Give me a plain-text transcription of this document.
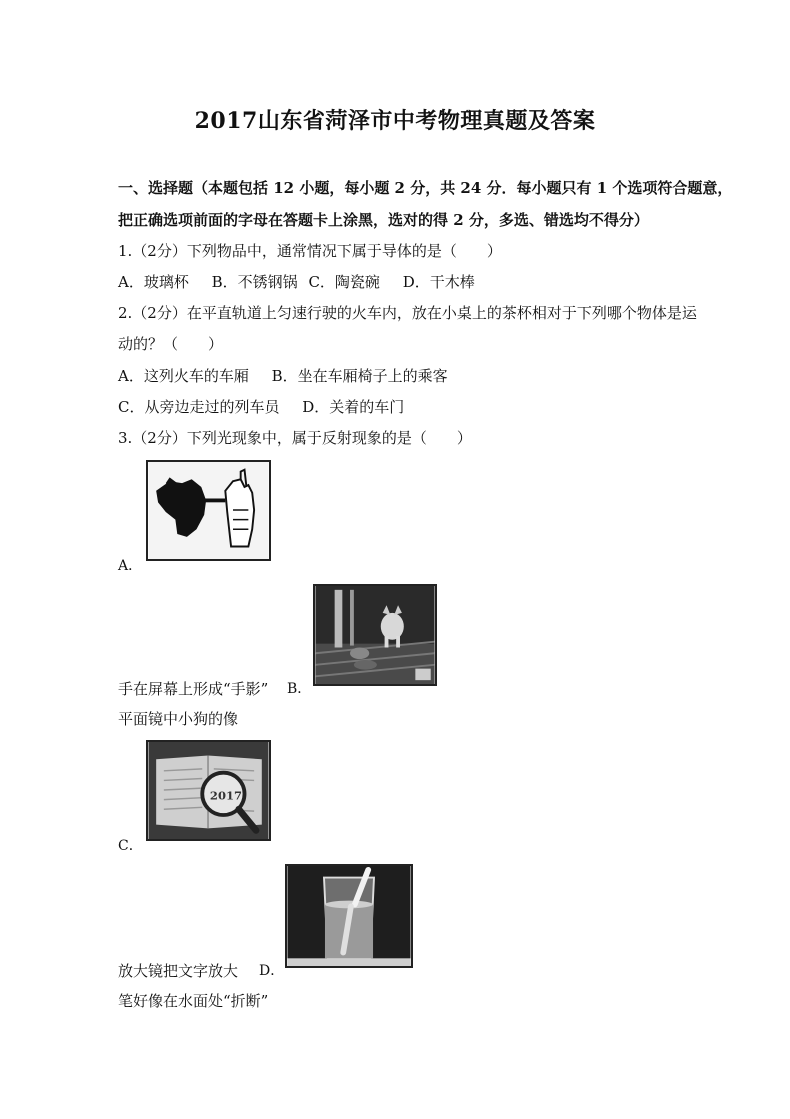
2017山东省菏泽市中考物理真题及答案
一、选择题（本题包括 12 小题，每小题 2 分，共 24 分．每小题只有 1 个选项符合题意，
把正确选项前面的字母在答题卡上涂黑，选对的得 2 分，多选、错选均不得分）
1.（2分）下列物品中，通常情况下属于导体的是（　　）
A．玻璃杯 B．不锈钢锅 C．陶瓷碗 D．干木棒
2.（2分）在平直轨道上匀速行驶的火车内，放在小桌上的茶杯相对于下列哪个物体是运
动的？（　　）
A．这列火车的车厢 B．坐在车厢椅子上的乘客
C．从旁边走过的列车员 D．关着的车门
3.（2分）下列光现象中，属于反射现象的是（　　）
A．
手在屏幕上形成“手影” B．
平面镜中小狗的像
2017
C．
放大镜把文字放大 D．
笔好像在水面处“折断”
